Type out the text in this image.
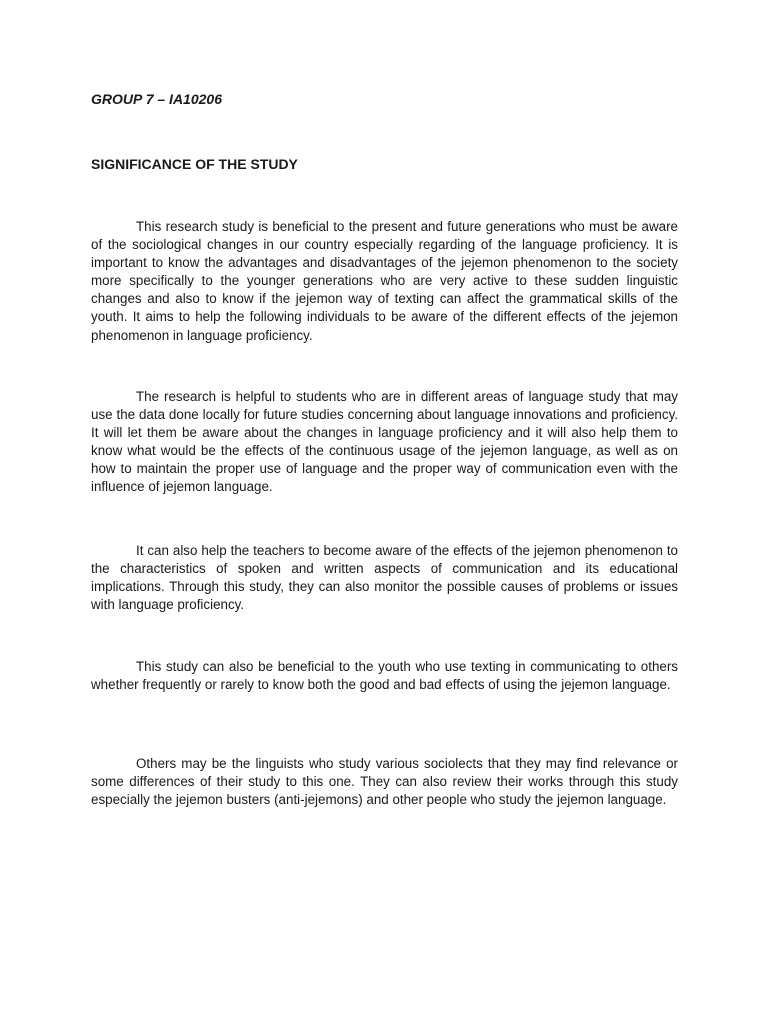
GROUP 7 – IA10206
SIGNIFICANCE OF THE STUDY

This research study is beneficial to the present and future generations who must be aware of the sociological changes in our country especially regarding of the language proficiency. It is important to know the advantages and disadvantages of the jejemon phenomenon to the society more specifically to the younger generations who are very active to these sudden linguistic changes and also to know if the jejemon way of texting can affect the grammatical skills of the youth. It aims to help the following individuals to be aware of the different effects of the jejemon phenomenon in language proficiency.

The research is helpful to students who are in different areas of language study that may use the data done locally for future studies concerning about language innovations and proficiency. It will let them be aware about the changes in language proficiency and it will also help them to know what would be the effects of the continuous usage of the jejemon language, as well as on how to maintain the proper use of language and the proper way of communication even with the influence of jejemon language.

It can also help the teachers to become aware of the effects of the jejemon phenomenon to the characteristics of spoken and written aspects of communication and its educational implications. Through this study, they can also monitor the possible causes of problems or issues with language proficiency.

This study can also be beneficial to the youth who use texting in communicating to others whether frequently or rarely to know both the good and bad effects of using the jejemon language.

Others may be the linguists who study various sociolects that they may find relevance or some differences of their study to this one. They can also review their works through this study especially the jejemon busters (anti-jejemons) and other people who study the jejemon language.
